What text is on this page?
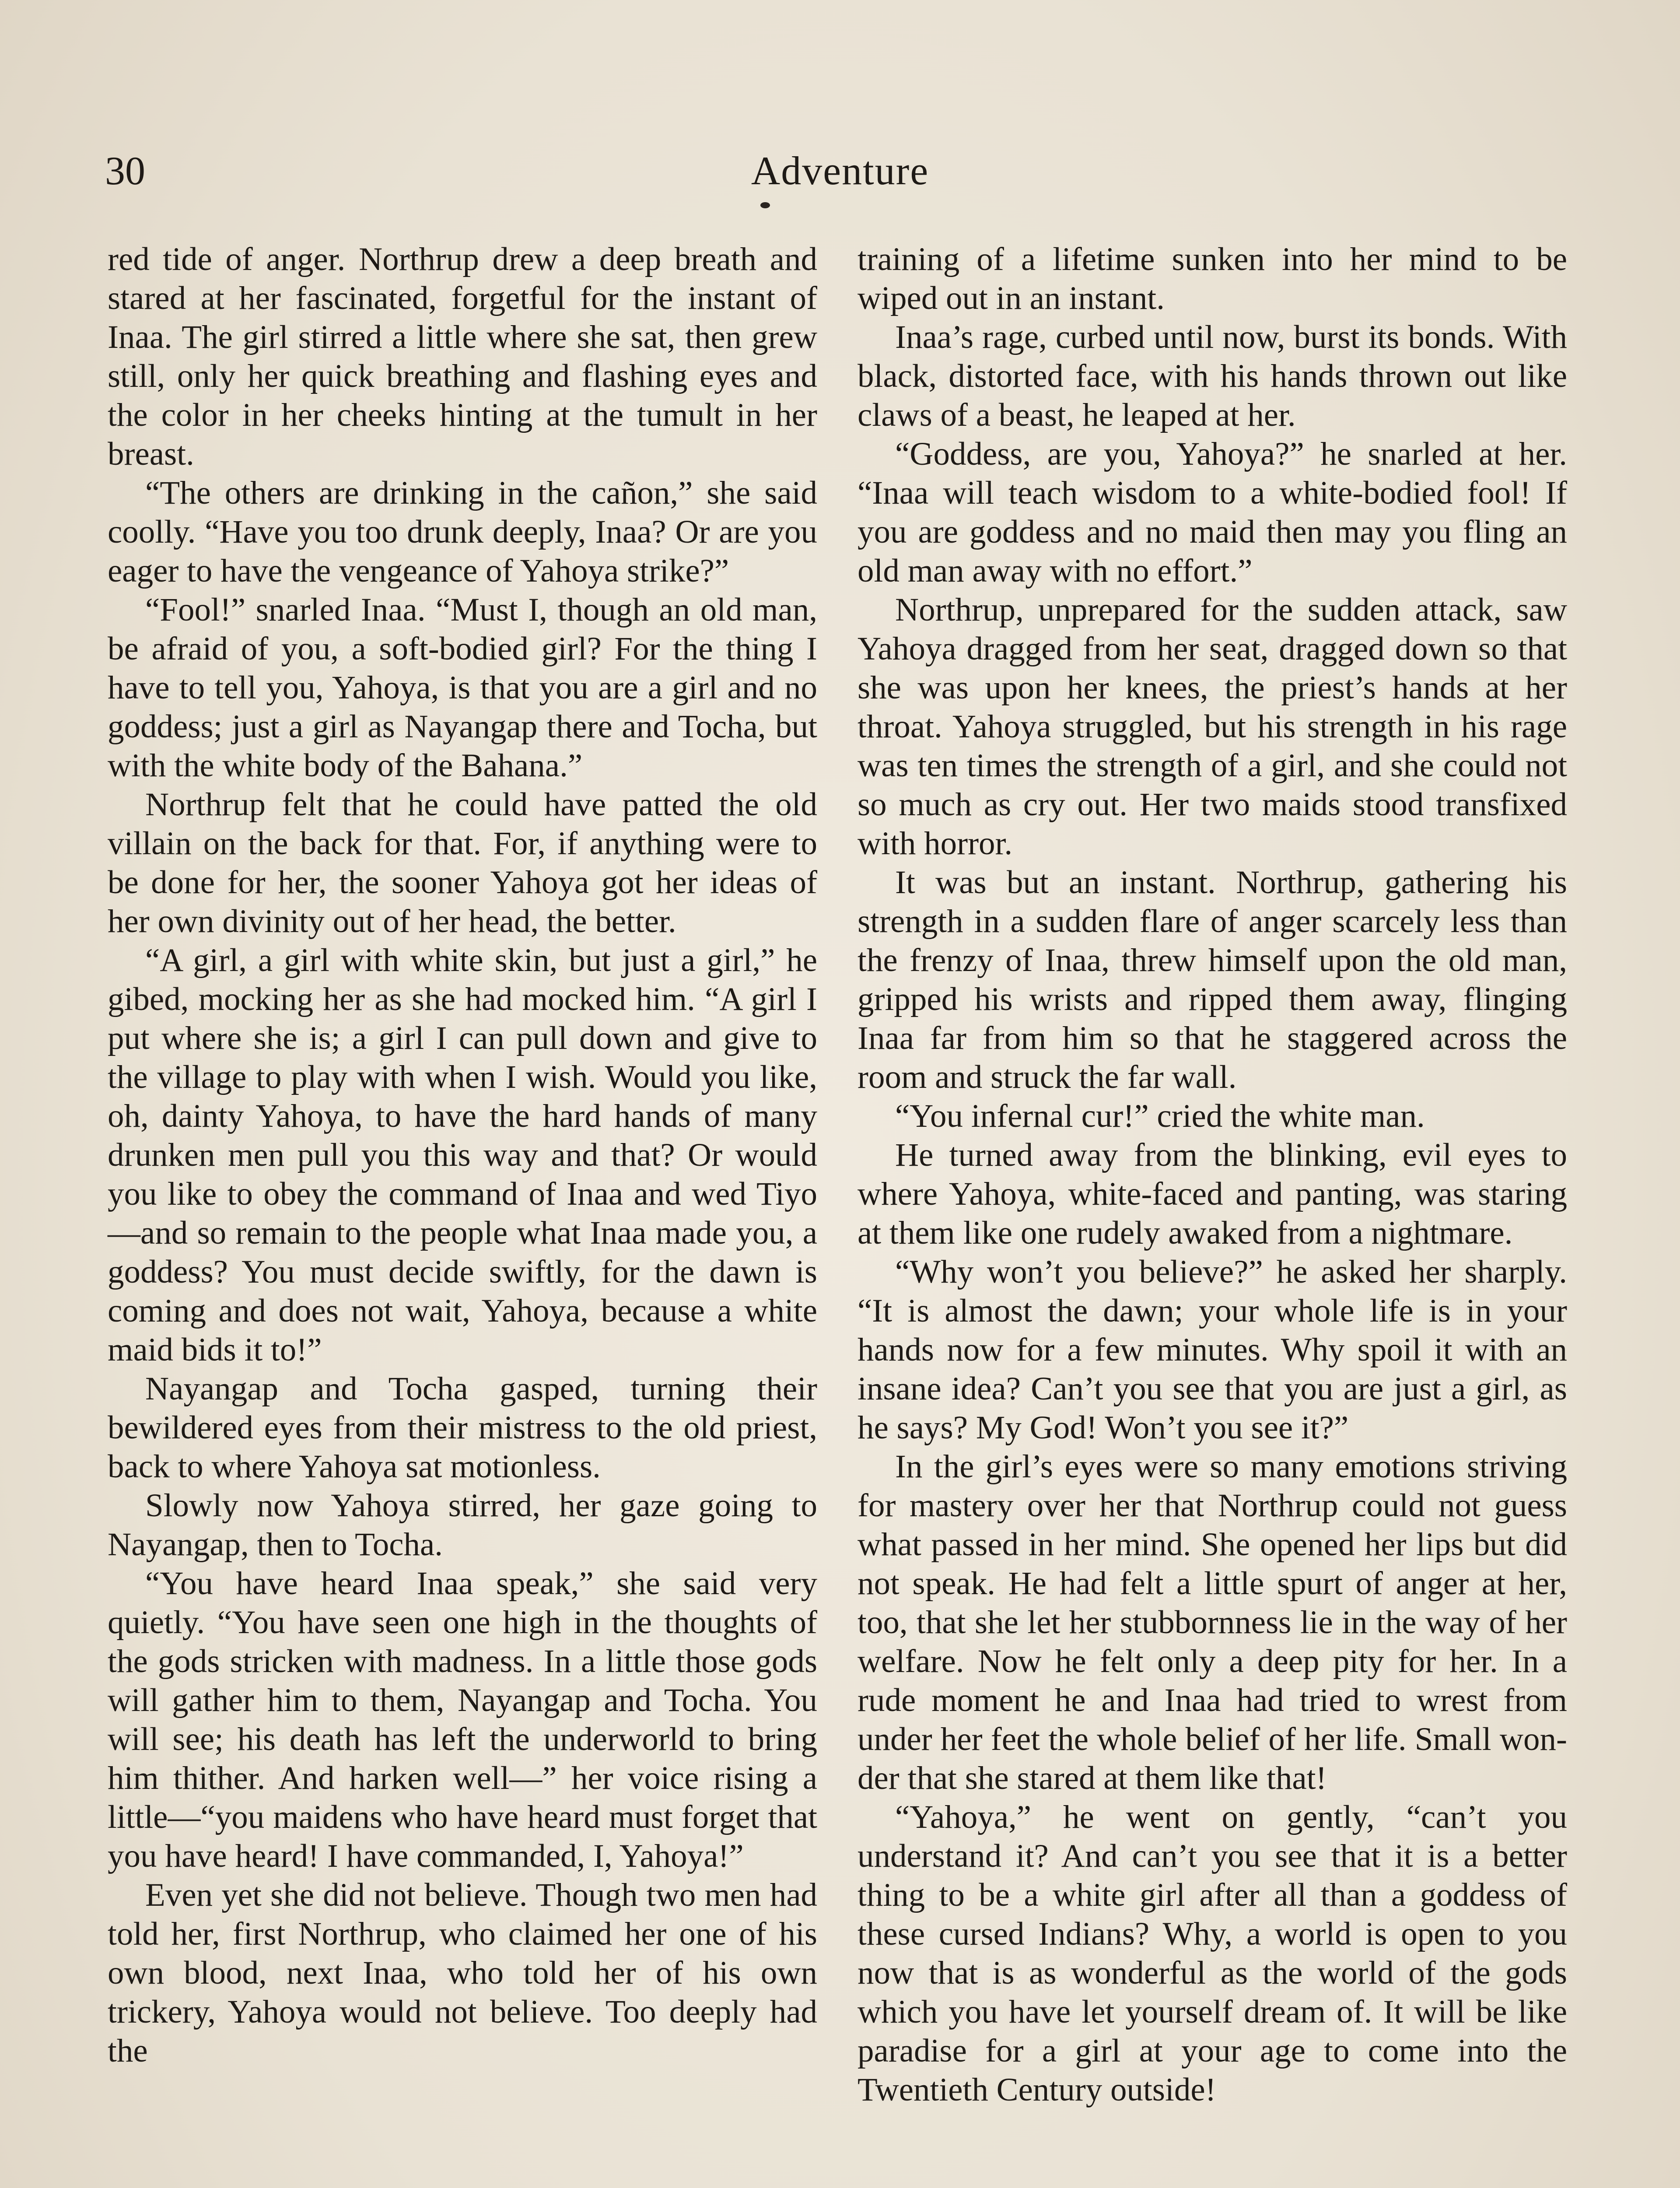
30	Adventure

red tide of anger. Northrup drew a deep breath and stared at her fascinated, forgetful for the instant of Inaa. The girl stirred a little where she sat, then grew still, only her quick breathing and flashing eyes and the color in her cheeks hinting at the tumult in her breast.

“The others are drinking in the cañon,” she said coolly. “Have you too drunk deeply, Inaa? Or are you eager to have the vengeance of Yahoya strike?”

“Fool!” snarled Inaa. “Must I, though an old man, be afraid of you, a soft-bodied girl? For the thing I have to tell you, Yahoya, is that you are a girl and no goddess; just a girl as Nayangap there and Tocha, but with the white body of the Bahana.”

Northrup felt that he could have patted the old villain on the back for that. For, if anything were to be done for her, the sooner Yahoya got her ideas of her own divinity out of her head, the better.

“A girl, a girl with white skin, but just a girl,” he gibed, mocking her as she had mocked him. “A girl I put where she is; a girl I can pull down and give to the village to play with when I wish. Would you like, oh, dainty Yahoya, to have the hard hands of many drunken men pull you this way and that? Or would you like to obey the command of Inaa and wed Tiyo—and so remain to the people what Inaa made you, a goddess? You must decide swiftly, for the dawn is coming and does not wait, Yahoya, because a white maid bids it to!”

Nayangap and Tocha gasped, turning their bewildered eyes from their mistress to the old priest, back to where Yahoya sat motionless.

Slowly now Yahoya stirred, her gaze going to Nayangap, then to Tocha.

“You have heard Inaa speak,” she said very quietly. “You have seen one high in the thoughts of the gods stricken with madness. In a little those gods will gather him to them, Nayangap and Tocha. You will see; his death has left the underworld to bring him thither. And harken well—” her voice rising a little—“you maidens who have heard must forget that you have heard! I have commanded, I, Yahoya!”

Even yet she did not believe. Though two men had told her, first Northrup, who claimed her one of his own blood, next Inaa, who told her of his own trickery, Yahoya would not believe. Too deeply had the

training of a lifetime sunken into her mind to be wiped out in an instant.

Inaa’s rage, curbed until now, burst its bonds. With black, distorted face, with his hands thrown out like claws of a beast, he leaped at her.

“Goddess, are you, Yahoya?” he snarled at her. “Inaa will teach wisdom to a white-bodied fool! If you are goddess and no maid then may you fling an old man away with no effort.”

Northrup, unprepared for the sudden attack, saw Yahoya dragged from her seat, dragged down so that she was upon her knees, the priest’s hands at her throat. Yahoya struggled, but his strength in his rage was ten times the strength of a girl, and she could not so much as cry out. Her two maids stood transfixed with horror.

It was but an instant. Northrup, gathering his strength in a sudden flare of anger scarcely less than the frenzy of Inaa, threw himself upon the old man, gripped his wrists and ripped them away, flinging Inaa far from him so that he staggered across the room and struck the far wall.

“You infernal cur!” cried the white man.

He turned away from the blinking, evil eyes to where Yahoya, white-faced and panting, was staring at them like one rudely awaked from a nightmare.

“Why won’t you believe?” he asked her sharply. “It is almost the dawn; your whole life is in your hands now for a few minutes. Why spoil it with an insane idea? Can’t you see that you are just a girl, as he says? My God! Won’t you see it?”

In the girl’s eyes were so many emotions striving for mastery over her that Northrup could not guess what passed in her mind. She opened her lips but did not speak. He had felt a little spurt of anger at her, too, that she let her stubbornness lie in the way of her welfare. Now he felt only a deep pity for her. In a rude moment he and Inaa had tried to wrest from under her feet the whole belief of her life. Small wonder that she stared at them like that!

“Yahoya,” he went on gently, “can’t you understand it? And can’t you see that it is a better thing to be a white girl after all than a goddess of these cursed Indians? Why, a world is open to you now that is as wonderful as the world of the gods which you have let yourself dream of. It will be like paradise for a girl at your age to come into the Twentieth Century outside!
